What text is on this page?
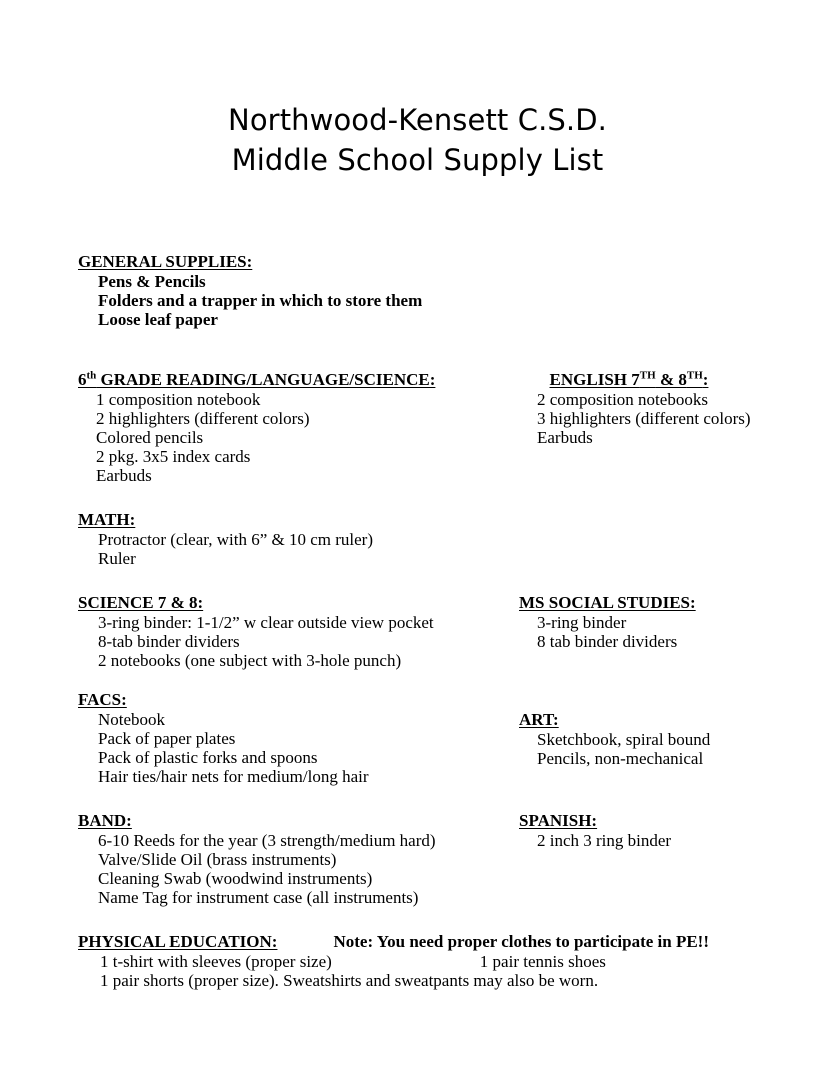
Northwood-Kensett C.S.D.
Middle School Supply List
GENERAL SUPPLIES:
Pens & Pencils
Folders and a trapper in which to store them
Loose leaf paper
6th GRADE READING/LANGUAGE/SCIENCE:
1 composition notebook
2 highlighters (different colors)
Colored pencils
2 pkg. 3x5 index cards
Earbuds
ENGLISH 7TH & 8TH:
2 composition notebooks
3 highlighters (different colors)
Earbuds
MATH:
Protractor (clear, with 6” & 10 cm ruler)
Ruler
SCIENCE 7 & 8:
3-ring binder: 1-1/2” w clear outside view pocket
8-tab binder dividers
2 notebooks (one subject with 3-hole punch)
MS SOCIAL STUDIES:
3-ring binder
8 tab binder dividers
FACS:
Notebook
Pack of paper plates
Pack of plastic forks and spoons
Hair ties/hair nets for medium/long hair
ART:
Sketchbook, spiral bound
Pencils, non-mechanical
BAND:
6-10 Reeds for the year (3 strength/medium hard)
Valve/Slide Oil (brass instruments)
Cleaning Swab (woodwind instruments)
Name Tag for instrument case (all instruments)
SPANISH:
2 inch 3 ring binder
PHYSICAL EDUCATION:	Note: You need proper clothes to participate in PE!!
1 t-shirt with sleeves (proper size)	1 pair tennis shoes
1 pair shorts (proper size). Sweatshirts and sweatpants may also be worn.
